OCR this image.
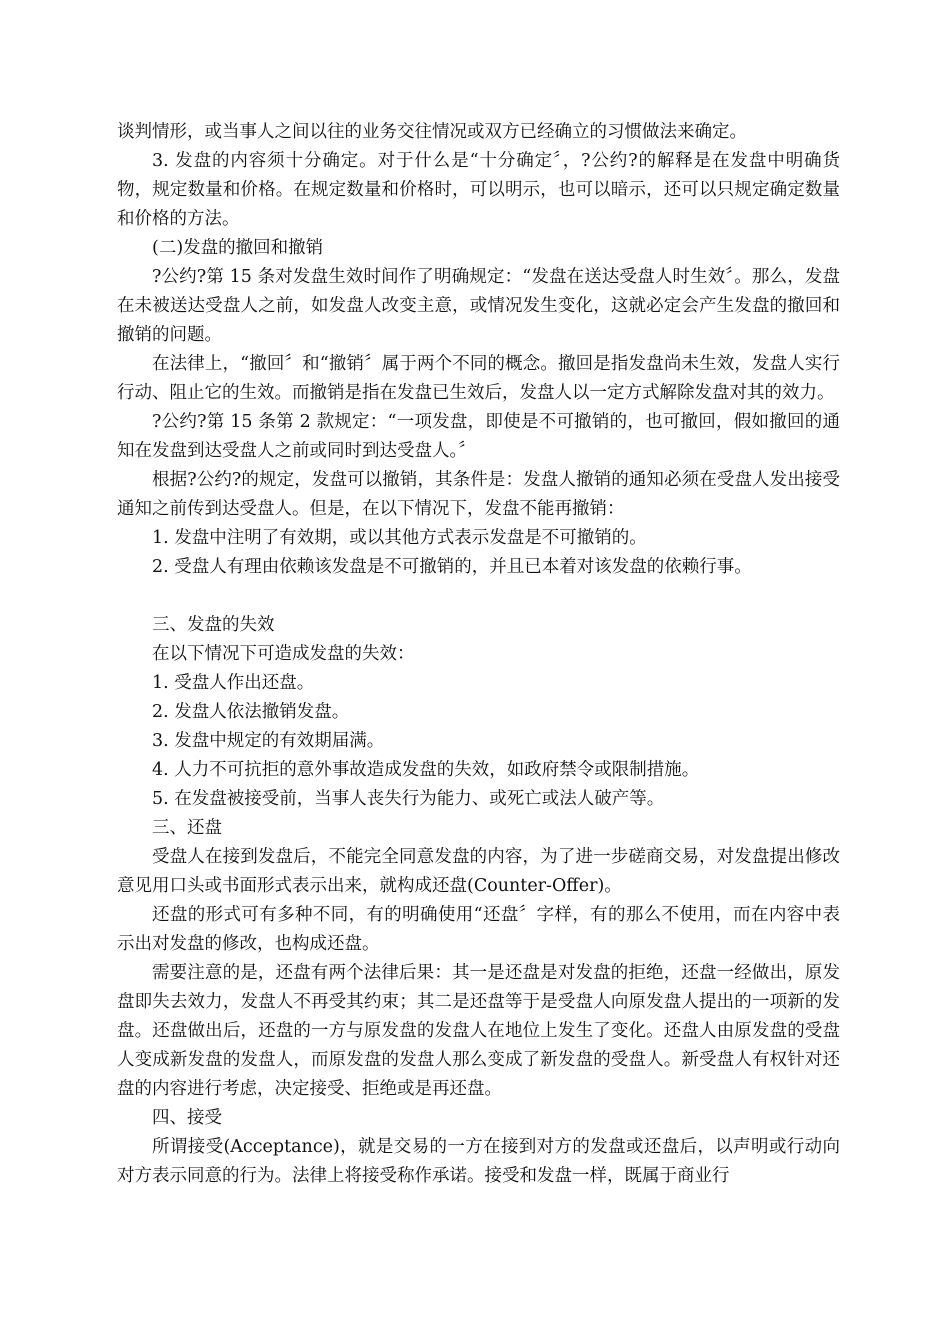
谈判情形，或当事人之间以往的业务交往情况或双方已经确立的习惯做法来确定。

3. 发盘的内容须十分确定。对于什么是“十分确定〞，?公约?的解释是在发盘中明确货物，规定数量和价格。在规定数量和价格时，可以明示，也可以暗示，还可以只规定确定数量和价格的方法。

(二)发盘的撤回和撤销

?公约?第 15 条对发盘生效时间作了明确规定：“发盘在送达受盘人时生效〞。那么，发盘在未被送达受盘人之前，如发盘人改变主意，或情况发生变化，这就必定会产生发盘的撤回和撤销的问题。

在法律上，“撤回〞和“撤销〞属于两个不同的概念。撤回是指发盘尚未生效，发盘人实行行动、阻止它的生效。而撤销是指在发盘已生效后，发盘人以一定方式解除发盘对其的效力。

?公约?第 15 条第 2 款规定：“一项发盘，即使是不可撤销的，也可撤回，假如撤回的通知在发盘到达受盘人之前或同时到达受盘人。〞

根据?公约?的规定，发盘可以撤销，其条件是：发盘人撤销的通知必须在受盘人发出接受通知之前传到达受盘人。但是，在以下情况下，发盘不能再撤销：

1. 发盘中注明了有效期，或以其他方式表示发盘是不可撤销的。

2. 受盘人有理由依赖该发盘是不可撤销的，并且已本着对该发盘的依赖行事。

三、发盘的失效

在以下情况下可造成发盘的失效：

1. 受盘人作出还盘。

2. 发盘人依法撤销发盘。

3. 发盘中规定的有效期届满。

4. 人力不可抗拒的意外事故造成发盘的失效，如政府禁令或限制措施。

5. 在发盘被接受前，当事人丧失行为能力、或死亡或法人破产等。

三、还盘

受盘人在接到发盘后，不能完全同意发盘的内容，为了进一步磋商交易，对发盘提出修改意见用口头或书面形式表示出来，就构成还盘(Counter-Offer)。

还盘的形式可有多种不同，有的明确使用“还盘〞字样，有的那么不使用，而在内容中表示出对发盘的修改，也构成还盘。

需要注意的是，还盘有两个法律后果：其一是还盘是对发盘的拒绝，还盘一经做出，原发盘即失去效力，发盘人不再受其约束；其二是还盘等于是受盘人向原发盘人提出的一项新的发盘。还盘做出后，还盘的一方与原发盘的发盘人在地位上发生了变化。还盘人由原发盘的受盘人变成新发盘的发盘人，而原发盘的发盘人那么变成了新发盘的受盘人。新受盘人有权针对还盘的内容进行考虑，决定接受、拒绝或是再还盘。

四、接受

所谓接受(Acceptance)，就是交易的一方在接到对方的发盘或还盘后，以声明或行动向对方表示同意的行为。法律上将接受称作承诺。接受和发盘一样，既属于商业行
